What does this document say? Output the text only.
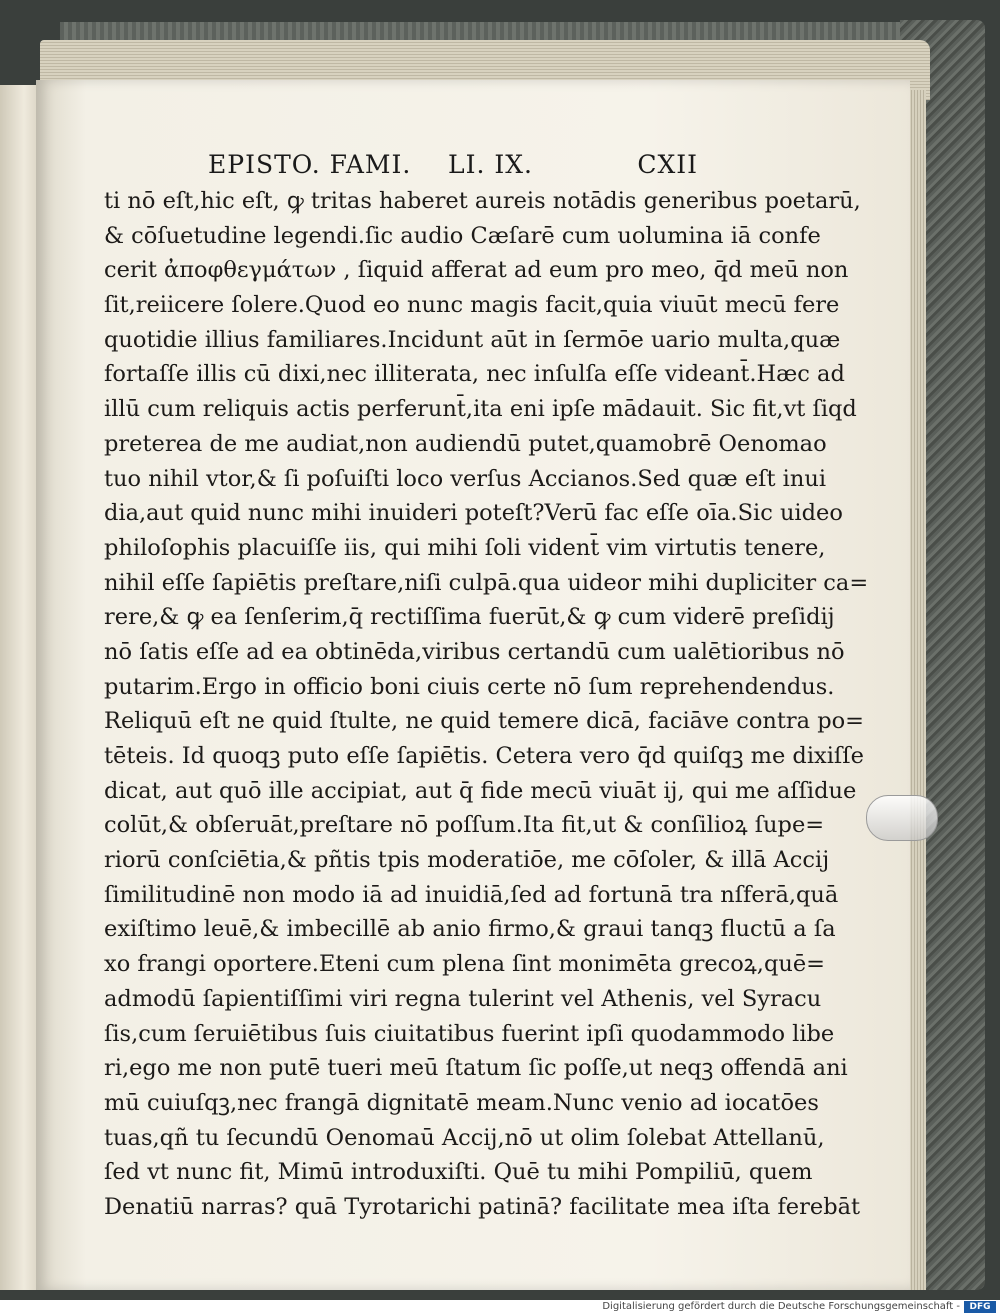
EPISTO. FAMI. LI. IX.	CXII
ti nō eſt,hic eſt, ꝙ tritas haberet aureis notādis generibus poetarū,
& cōſuetudine legendi.ſic audio Cæſarē cum uolumina iā confe
cerit ἀποφθεγμάτων , ſiquid afferat ad eum pro meo, q̄d meū non
ſit,reiicere ſolere.Quod eo nunc magis facit,quia viuūt mecū fere
quotidie illius familiares.Incidunt aūt in ſermōe uario multa,quæ
fortaſſe illis cū dixi,nec illiterata, nec inſulſa eſſe videant̄.Hæc ad
illū cum reliquis actis perferunt̄,ita eni ipſe mādauit. Sic fit,vt ſiqd
preterea de me audiat,non audiendū putet,quamobrē Oenomao
tuo nihil vtor,& ſi poſuiſti loco verſus Accianos.Sed quæ eſt inui
dia,aut quid nunc mihi inuideri poteſt?Verū fac eſſe oīa.Sic uideo
philoſophis placuiſſe iis, qui mihi ſoli vident̄ vim virtutis tenere,
nihil eſſe ſapiētis preſtare,niſi culpā.qua uideor mihi dupliciter ca=
rere,& ꝙ ea ſenſerim,q̄ rectiſſima fuerūt,& ꝙ cum viderē preſidij
nō ſatis eſſe ad ea obtinēda,viribus certandū cum ualētioribus nō
putarim.Ergo in officio boni ciuis certe nō ſum reprehendendus.
Reliquū eſt ne quid ſtulte, ne quid temere dicā, faciāve contra po=
tēteis. Id quoqꝫ puto eſſe ſapiētis. Cetera vero q̄d quiſqꝫ me dixiſſe
dicat, aut quō ille accipiat, aut q̄ fide mecū viuāt ij, qui me aſſidue
colūt,& obſeruāt,preſtare nō poſſum.Ita fit,ut & conſilioꝝ ſupe=
riorū conſciētia,& pñtis tpis moderatiōe, me cōſoler, & illā Accij
ſimilitudinē non modo iā ad inuidiā,ſed ad fortunā tra nſferā,quā
exiſtimo leuē,& imbecillē ab anio firmo,& graui tanqꝫ fluctū a ſa
xo frangi oportere.Eteni cum plena ſint monimēta grecoꝝ,quē=
admodū ſapientiſſimi viri regna tulerint vel Athenis, vel Syracu
ſis,cum ſeruiētibus ſuis ciuitatibus fuerint ipſi quodammodo libe
ri,ego me non putē tueri meū ſtatum ſic poſſe,ut neqꝫ offendā ani
mū cuiuſqꝫ,nec frangā dignitatē meam.Nunc venio ad iocatōes
tuas,qñ tu ſecundū Oenomaū Accij,nō ut olim ſolebat Attellanū,
ſed vt nunc fit, Mimū introduxiſti. Quē tu mihi Pompiliū, quem
Denatiū narras? quā Tyrotarichi patinā? facilitate mea iſta ferebāt
Digitalisierung gefördert durch die Deutsche Forschungsgemeinschaft -	DFG
